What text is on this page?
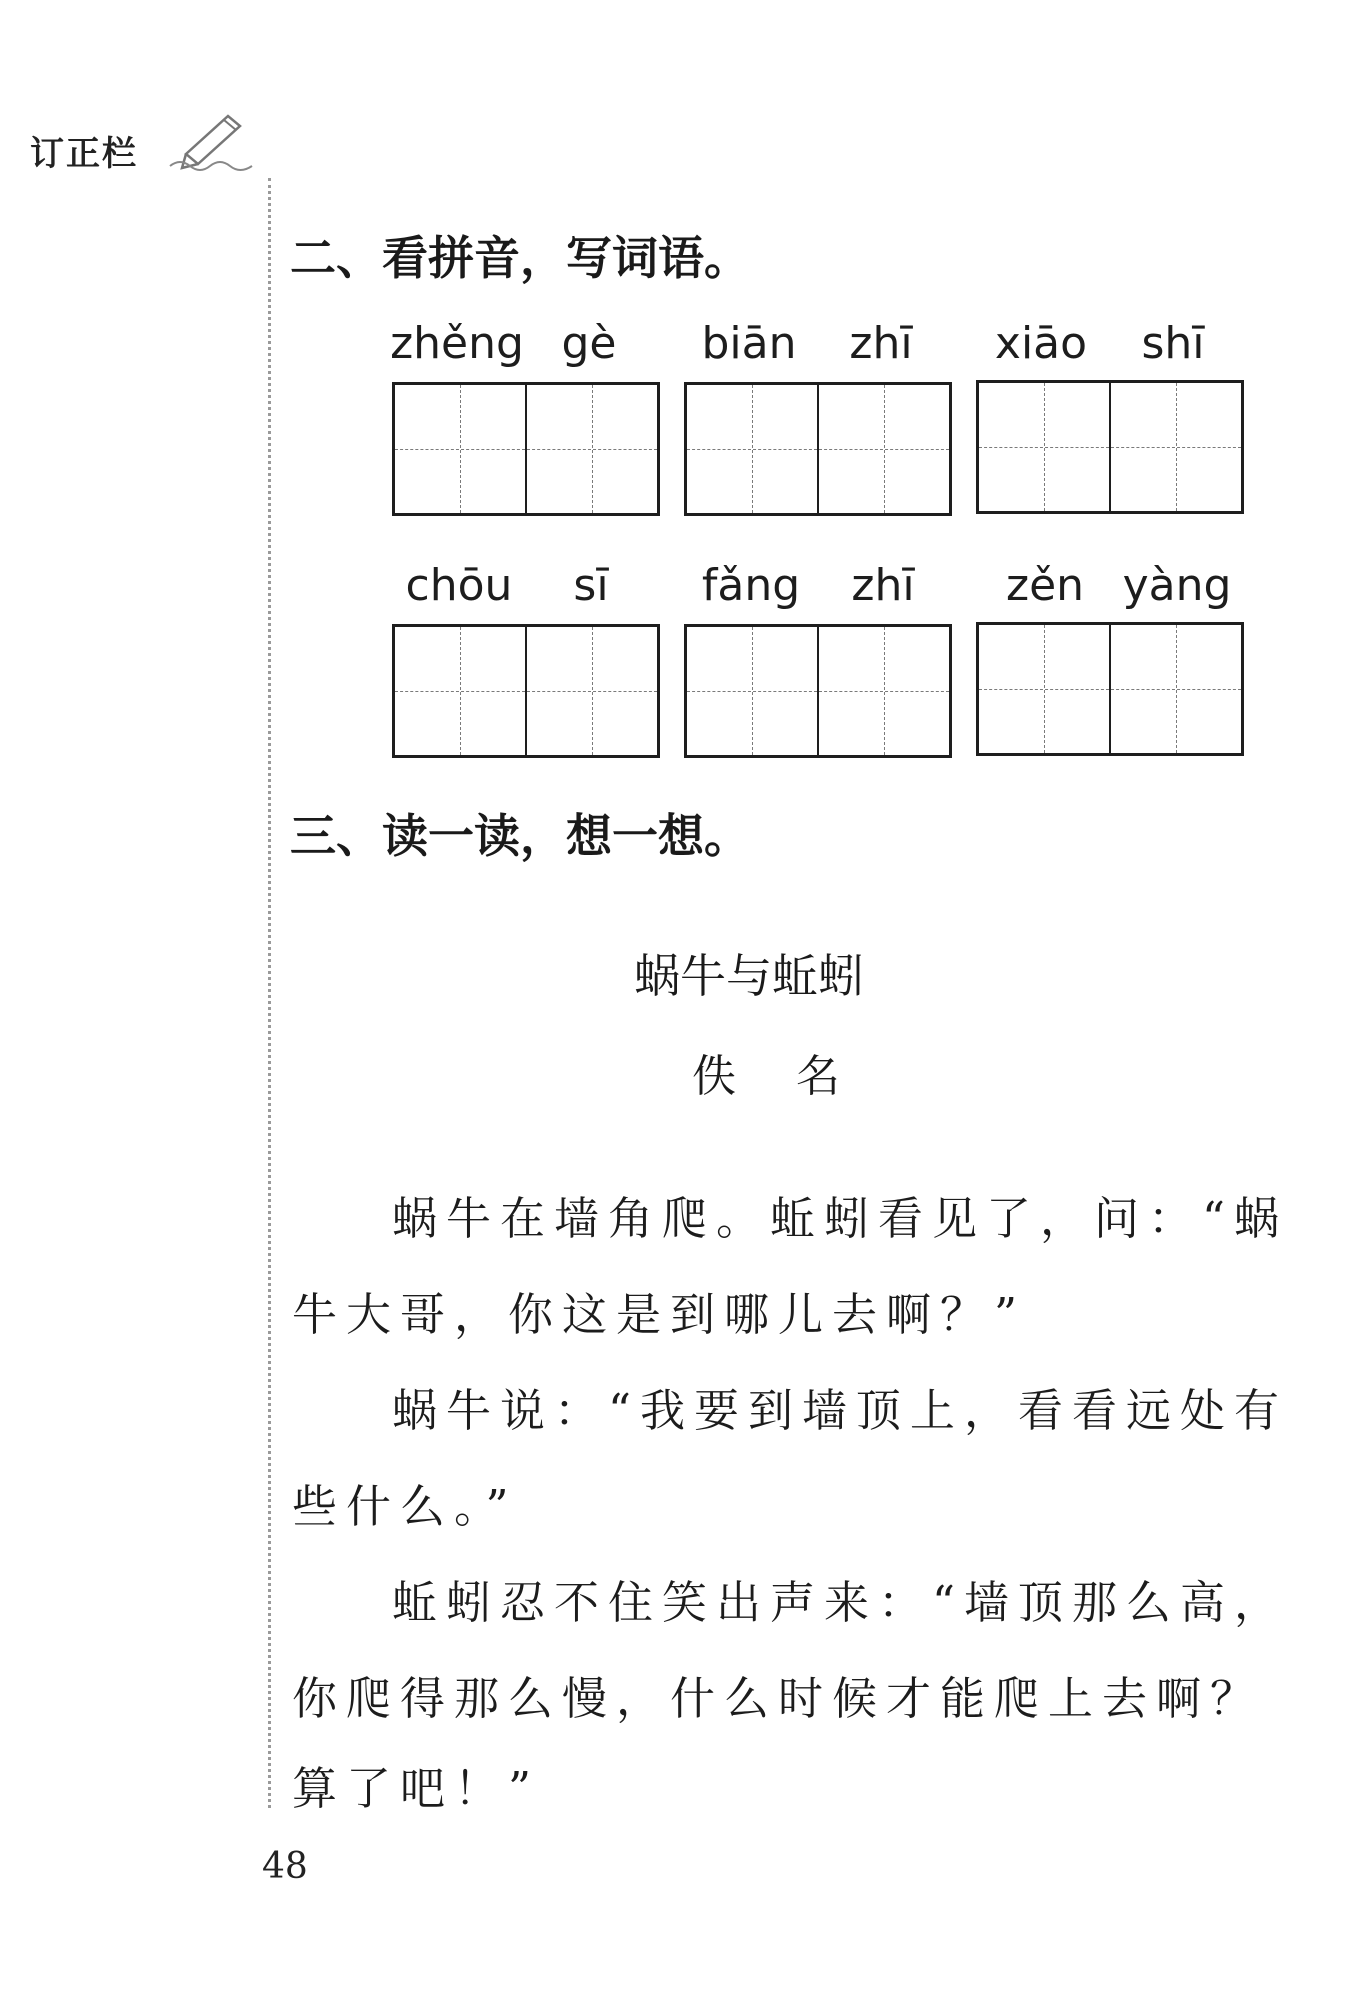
订正栏
二、看拼音，写词语。
zhěng gè	biān	zhī	xiāo	shī
chōu	sī	fǎng	zhī	zěn yàng
三、读一读，想一想。
蜗牛与蚯蚓
佚名
蜗牛在墙角爬。蚯蚓看见了，问：“蜗
牛大哥，你这是到哪儿去啊？”
蜗牛说：“我要到墙顶上，看看远处有
些什么。”
蚯蚓忍不住笑出声来：“墙顶那么高，
你爬得那么慢，什么时候才能爬上去啊？
算了吧！”
48
